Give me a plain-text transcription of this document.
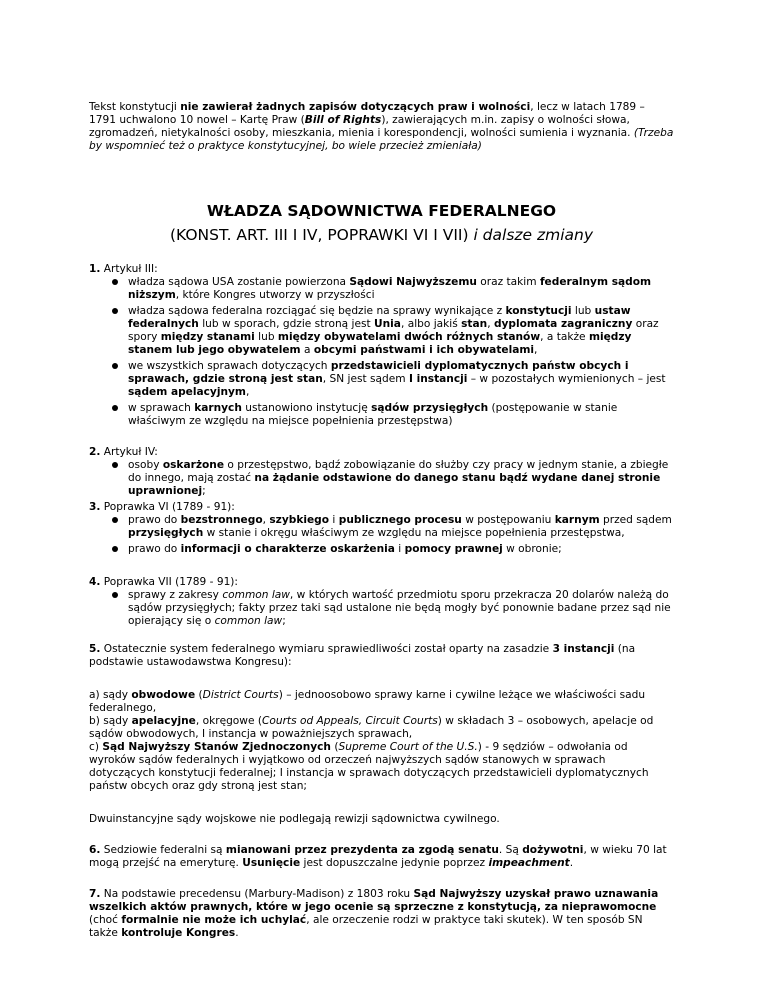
Tekst konstytucji nie zawierał żadnych zapisów dotyczących praw i wolności, lecz w latach 1789 – 1791 uchwalono 10 nowel – Kartę Praw (Bill of Rights), zawierających m.in. zapisy o wolności słowa, zgromadzeń, nietykalności osoby, mieszkania, mienia i korespondencji, wolności sumienia i wyznania. (Trzeba by wspomnieć też o praktyce konstytucyjnej, bo wiele przecież zmieniała)

WŁADZA SĄDOWNICTWA FEDERALNEGO
(KONST. ART. III I IV, POPRAWKI VI I VII) i dalsze zmiany

1. Artykuł III:

władza sądowa USA zostanie powierzona Sądowi Najwyższemu oraz takim federalnym sądom niższym, które Kongres utworzy w przyszłości
władza sądowa federalna rozciągać się będzie na sprawy wynikające z konstytucji lub ustaw federalnych lub w sporach, gdzie stroną jest Unia, albo jakiś stan, dyplomata zagraniczny oraz spory między stanami lub między obywatelami dwóch różnych stanów, a także między stanem lub jego obywatelem a obcymi państwami i ich obywatelami,
we wszystkich sprawach dotyczących przedstawicieli dyplomatycznych państw obcych i sprawach, gdzie stroną jest stan, SN jest sądem I instancji – w pozostałych wymienionych – jest sądem apelacyjnym,
w sprawach karnych ustanowiono instytucję sądów przysięgłych (postępowanie w stanie właściwym ze względu na miejsce popełnienia przestępstwa)

2. Artykuł IV:

osoby oskarżone o przestępstwo, bądź zobowiązanie do służby czy pracy w jednym stanie, a zbiegłe do innego, mają zostać na żądanie odstawione do danego stanu bądź wydane danej stronie uprawnionej;

3. Poprawka VI (1789 - 91):

prawo do bezstronnego, szybkiego i publicznego procesu w postępowaniu karnym przed sądem przysięgłych w stanie i okręgu właściwym ze względu na miejsce popełnienia przestępstwa,
prawo do informacji o charakterze oskarżenia i pomocy prawnej w obronie;

4. Poprawka VII (1789 - 91):

sprawy z zakresy common law, w których wartość przedmiotu sporu przekracza 20 dolarów należą do sądów przysięgłych; fakty przez taki sąd ustalone nie będą mogły być ponownie badane przez sąd nie opierający się o common law;

5. Ostatecznie system federalnego wymiaru sprawiedliwości został oparty na zasadzie 3 instancji (na podstawie ustawodawstwa Kongresu):

a) sądy obwodowe (District Courts) – jednoosobowo sprawy karne i cywilne leżące we właściwości sadu federalnego,

b) sądy apelacyjne, okręgowe (Courts od Appeals, Circuit Courts) w składach 3 – osobowych, apelacje od sądów obwodowych, I instancja w poważniejszych sprawach,

c) Sąd Najwyższy Stanów Zjednoczonych (Supreme Court of the U.S.) - 9 sędziów – odwołania od wyroków sądów federalnych i wyjątkowo od orzeczeń najwyższych sądów stanowych w sprawach dotyczących konstytucji federalnej; I instancja w sprawach dotyczących przedstawicieli dyplomatycznych państw obcych oraz gdy stroną jest stan;

Dwuinstancyjne sądy wojskowe nie podlegają rewizji sądownictwa cywilnego.

6. Sedziowie federalni są mianowani przez prezydenta za zgodą senatu. Są dożywotni, w wieku 70 lat mogą przejść na emeryturę. Usunięcie jest dopuszczalne jedynie poprzez impeachment.

7. Na podstawie precedensu (Marbury-Madison) z 1803 roku Sąd Najwyższy uzyskał prawo uznawania wszelkich aktów prawnych, które w jego ocenie są sprzeczne z konstytucją, za nieprawomocne (choć formalnie nie może ich uchylać, ale orzeczenie rodzi w praktyce taki skutek). W ten sposób SN także kontroluje Kongres.
